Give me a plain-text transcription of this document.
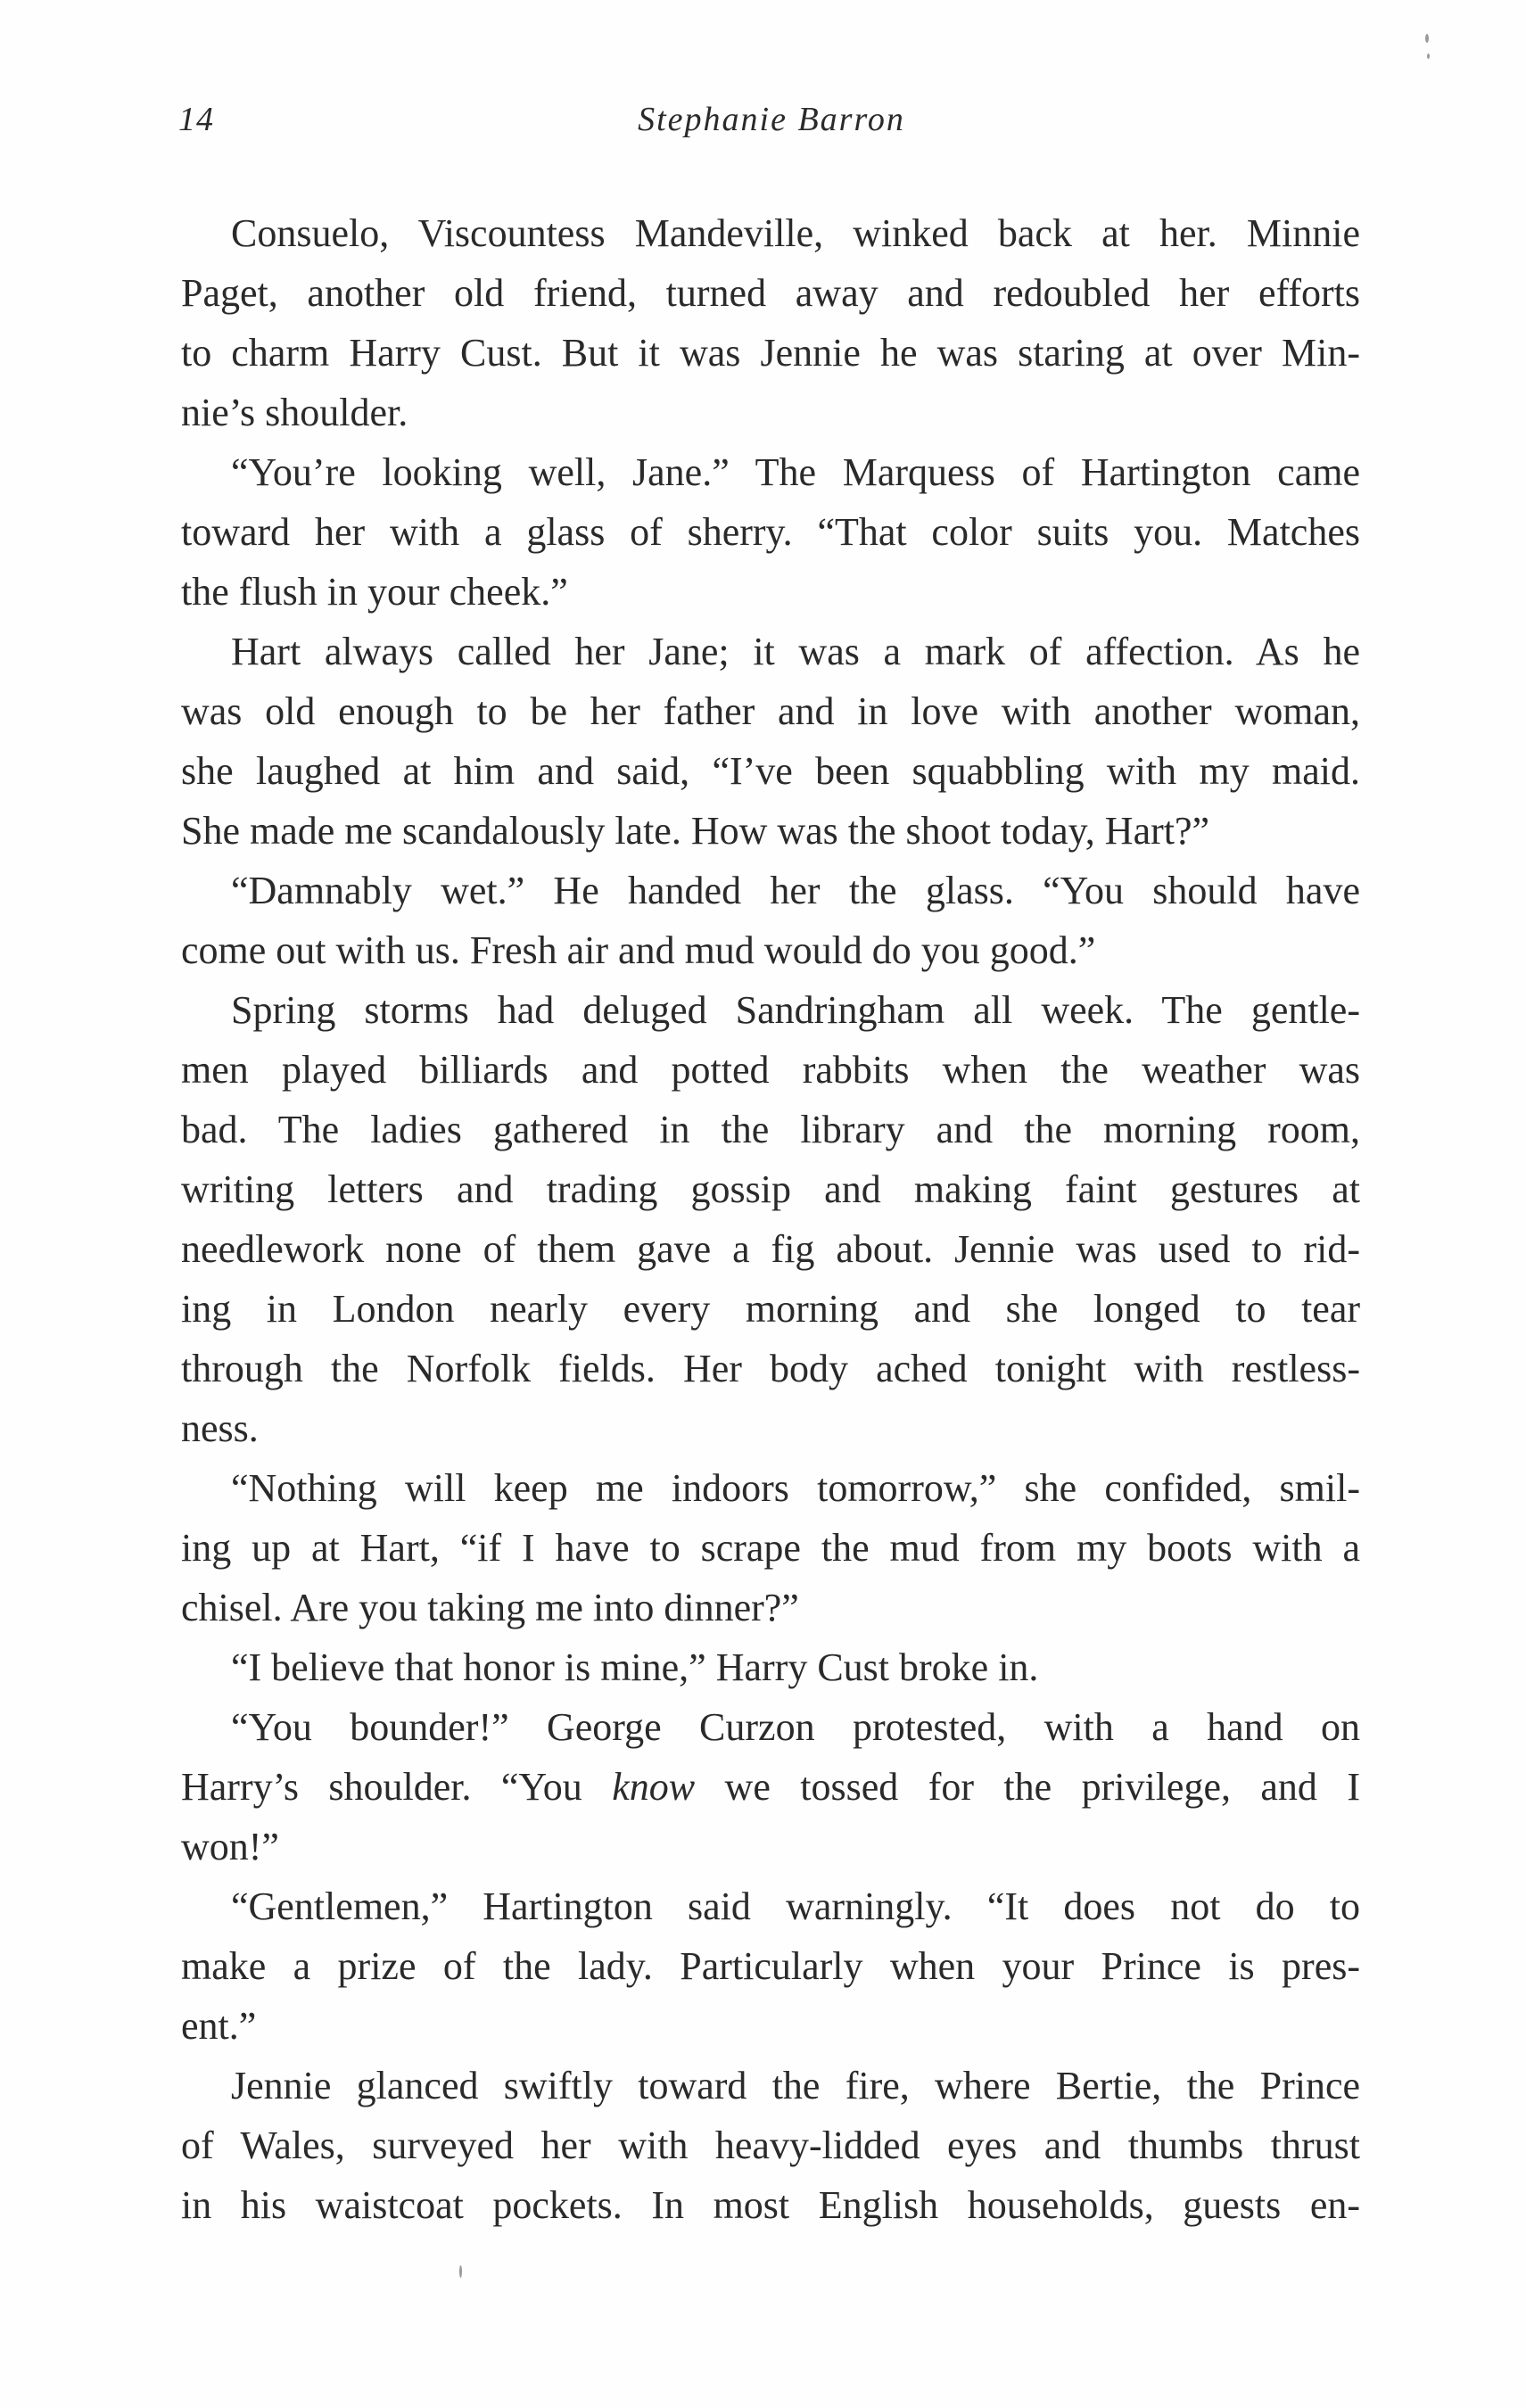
14	Stephanie Barron
Consuelo, Viscountess Mandeville, winked back at her. Minnie
Paget, another old friend, turned away and redoubled her efforts
to charm Harry Cust. But it was Jennie he was staring at over Min-
nie’s shoulder.
“You’re looking well, Jane.” The Marquess of Hartington came
toward her with a glass of sherry. “That color suits you. Matches
the flush in your cheek.”
Hart always called her Jane; it was a mark of affection. As he
was old enough to be her father and in love with another woman,
she laughed at him and said, “I’ve been squabbling with my maid.
She made me scandalously late. How was the shoot today, Hart?”
“Damnably wet.” He handed her the glass. “You should have
come out with us. Fresh air and mud would do you good.”
Spring storms had deluged Sandringham all week. The gentle-
men played billiards and potted rabbits when the weather was
bad. The ladies gathered in the library and the morning room,
writing letters and trading gossip and making faint gestures at
needlework none of them gave a fig about. Jennie was used to rid-
ing in London nearly every morning and she longed to tear
through the Norfolk fields. Her body ached tonight with restless-
ness.
“Nothing will keep me indoors tomorrow,” she confided, smil-
ing up at Hart, “if I have to scrape the mud from my boots with a
chisel. Are you taking me into dinner?”
“I believe that honor is mine,” Harry Cust broke in.
“You bounder!” George Curzon protested, with a hand on
Harry’s shoulder. “You know we tossed for the privilege, and I
won!”
“Gentlemen,” Hartington said warningly. “It does not do to
make a prize of the lady. Particularly when your Prince is pres-
ent.”
Jennie glanced swiftly toward the fire, where Bertie, the Prince
of Wales, surveyed her with heavy-lidded eyes and thumbs thrust
in his waistcoat pockets. In most English households, guests en-
